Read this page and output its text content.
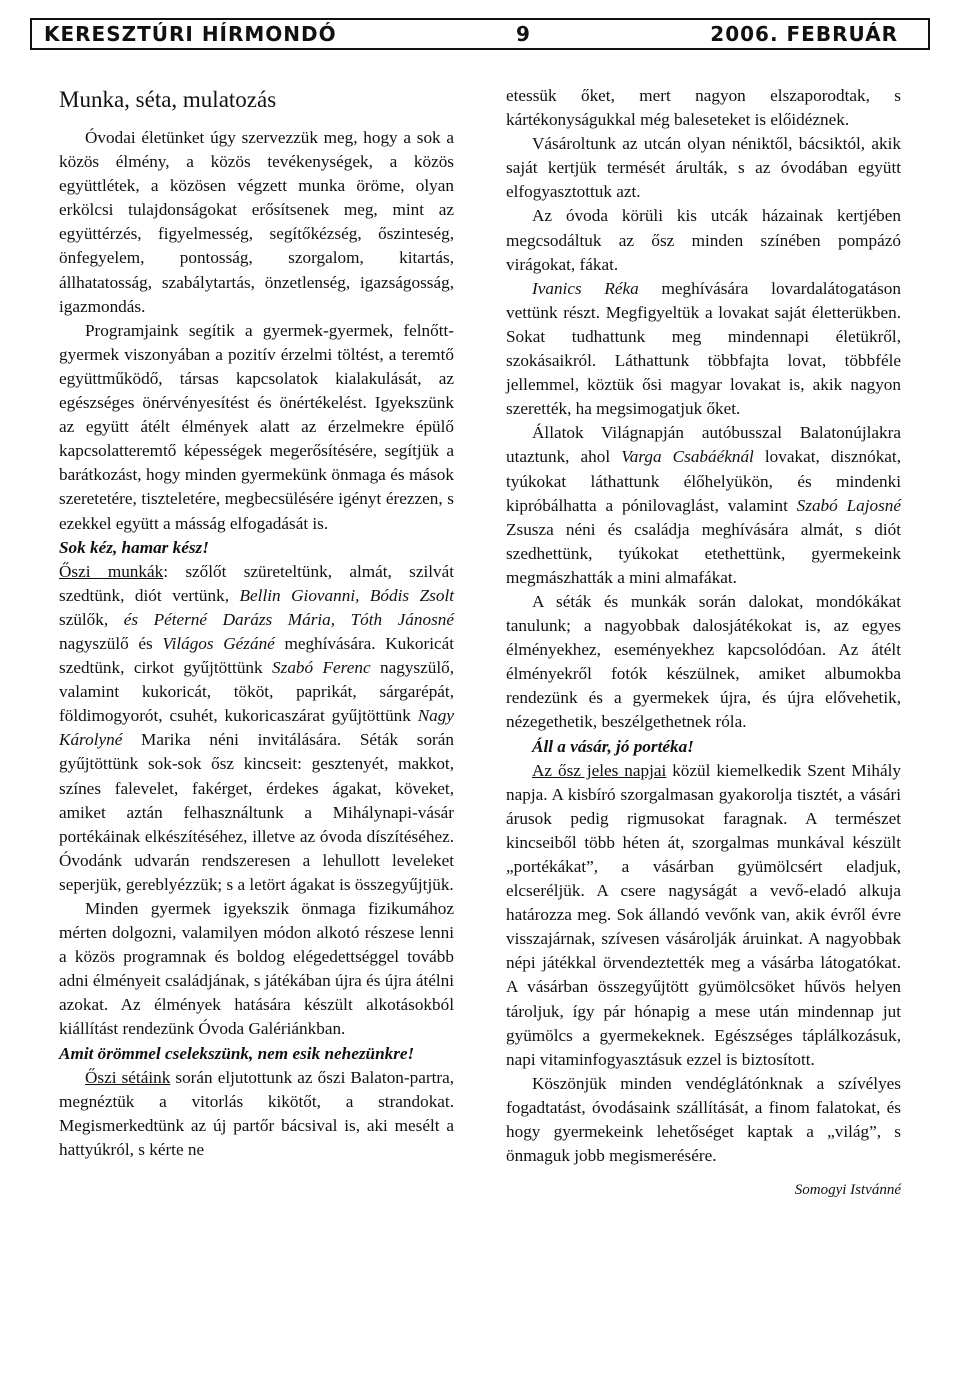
KERESZTÚRI HÍRMONDÓ	9	2006. FEBRUÁR
Munka, séta, mulatozás

Óvodai életünket úgy szervezzük meg, hogy a sok a közös élmény, a közös tevékenységek, a közös együttlétek, a közösen végzett munka öröme, olyan erkölcsi tulajdonságokat erősítsenek meg, mint az együttérzés, figyelmesség, segítőkézség, őszinteség, önfegyelem, pontosság, szorgalom, kitartás, állhatatosság, szabálytartás, önzetlenség, igazságosság, igazmondás.

Programjaink segítik a gyermek-gyermek, felnőtt-gyermek viszonyában a pozitív érzelmi töltést, a teremtő együttműködő, társas kapcsolatok kialakulását, az egészséges önérvényesítést és önértékelést. Igyekszünk az együtt átélt élmények alatt az érzelmekre épülő kapcsolatteremtő képességek megerősítésére, segítjük a barátkozást, hogy minden gyermekünk önmaga és mások szeretetére, tiszteletére, megbecsülésére igényt érezzen, s ezekkel együtt a másság elfogadását is.

Sok kéz, hamar kész!

Őszi munkák: szőlőt szüreteltünk, almát, szilvát szedtünk, diót vertünk, Bellin Giovanni, Bódis Zsolt szülők, és Péterné Darázs Mária, Tóth Jánosné nagyszülő és Világos Gézáné meghívására. Kukoricát szedtünk, cirkot gyűjtöttünk Szabó Ferenc nagyszülő, valamint kukoricát, tököt, paprikát, sárgarépát, földimogyorót, csuhét, kukoricaszárat gyűjtöttünk Nagy Károlyné Marika néni invitálására. Séták során gyűjtöttünk sok-sok ősz kincseit: gesztenyét, makkot, színes falevelet, fakérget, érdekes ágakat, köveket, amiket aztán felhasználtunk a Mihálynapi-vásár portékáinak elkészítéséhez, illetve az óvoda díszítéséhez. Óvodánk udvarán rendszeresen a lehullott leveleket seperjük, gereblyézzük; s a letört ágakat is összegyűjtjük.

Minden gyermek igyekszik önmaga fizikumához mérten dolgozni, valamilyen módon alkotó részese lenni a közös programnak és boldog elégedettséggel tovább adni élményeit családjának, s játékában újra és újra átélni azokat. Az élmények hatására készült alkotásokból kiállítást rendezünk Óvoda Galériánkban.

Amit örömmel cselekszünk, nem esik nehezünkre!

Őszi sétáink során eljutottunk az őszi Balaton-partra, megnéztük a vitorlás kikötőt, a strandokat. Megismerkedtünk az új partőr bácsival is, aki mesélt a hattyúkról, s kérte ne

etessük őket, mert nagyon elszaporodtak, s kártékonyságukkal még baleseteket is előidéznek.

Vásároltunk az utcán olyan néniktől, bácsiktól, akik saját kertjük termését árulták, s az óvodában együtt elfogyasztottuk azt.

Az óvoda körüli kis utcák házainak kertjében megcsodáltuk az ősz minden színében pompázó virágokat, fákat.

Ivanics Réka meghívására lovardalátogatáson vettünk részt. Megfigyeltük a lovakat saját életterükben. Sokat tudhattunk meg mindennapi életükről, szokásaikról. Láthattunk többfajta lovat, többféle jellemmel, köztük ősi magyar lovakat is, akik nagyon szerették, ha megsimogatjuk őket.

Állatok Világnapján autóbusszal Balatonújlakra utaztunk, ahol Varga Csabáéknál lovakat, disznókat, tyúkokat láthattunk élőhelyükön, és mindenki kipróbálhatta a pónilovaglást, valamint Szabó Lajosné Zsusza néni és családja meghívására almát, s diót szedhettünk, tyúkokat etethettünk, gyermekeink megmászhatták a mini almafákat.

A séták és munkák során dalokat, mondókákat tanulunk; a nagyobbak dalosjátékokat is, az egyes élményekhez, eseményekhez kapcsolódóan. Az átélt élményekről fotók készülnek, amiket albumokba rendezünk és a gyermekek újra, és újra elővehetik, nézegethetik, beszélgethetnek róla.

Áll a vásár, jó portéka!

Az ősz jeles napjai közül kiemelkedik Szent Mihály napja. A kisbíró szorgalmasan gyakorolja tisztét, a vásári árusok pedig rigmusokat faragnak. A természet kincseiből több héten át, szorgalmas munkával készült „portékákat”, a vásárban gyümölcsért eladjuk, elcseréljük. A csere nagyságát a vevő-eladó alkuja határozza meg. Sok állandó vevőnk van, akik évről évre visszajárnak, szívesen vásárolják áruinkat. A nagyobbak népi játékkal örvendeztették meg a vásárba látogatókat. A vásárban összegyűjtött gyümölcsöket hűvös helyen tároljuk, így pár hónapig a mese után mindennap jut gyümölcs a gyermekeknek. Egészséges táplálkozásuk, napi vitaminfogyasztásuk ezzel is biztosított.

Köszönjük minden vendéglátónknak a szívélyes fogadtatást, óvodásaink szállítását, a finom falatokat, és hogy gyermekeink lehetőséget kaptak a „világ”, s önmaguk jobb megismerésére.

Somogyi Istvánné
